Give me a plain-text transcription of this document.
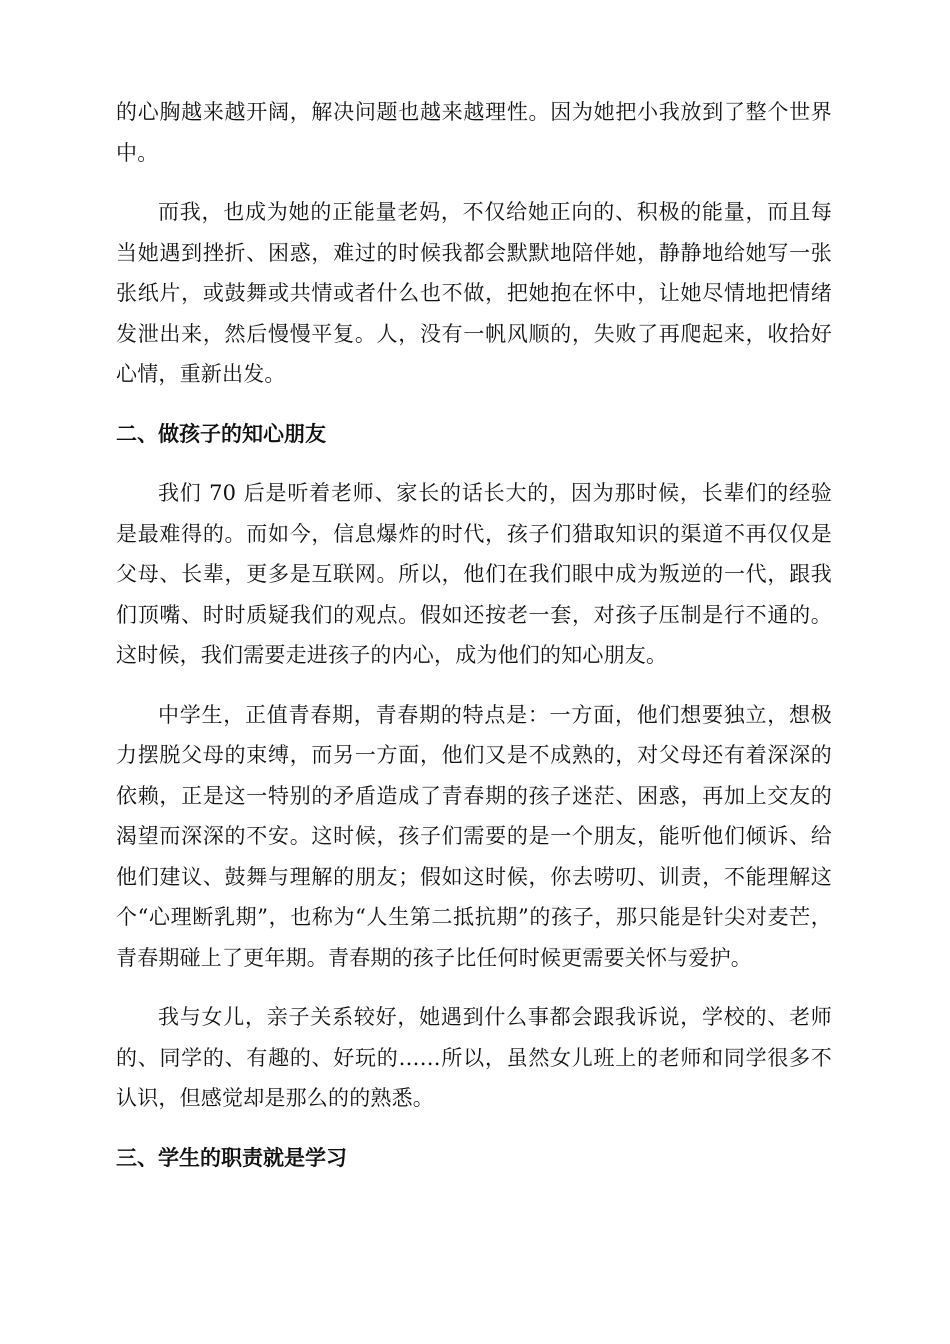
的心胸越来越开阔，解决问题也越来越理性。因为她把小我放到了整个世界中。

而我，也成为她的正能量老妈，不仅给她正向的、积极的能量，而且每当她遇到挫折、困惑，难过的时候我都会默默地陪伴她，静静地给她写一张张纸片，或鼓舞或共情或者什么也不做，把她抱在怀中，让她尽情地把情绪发泄出来，然后慢慢平复。人，没有一帆风顺的，失败了再爬起来，收拾好心情，重新出发。

二、做孩子的知心朋友

我们 70 后是听着老师、家长的话长大的，因为那时候，长辈们的经验是最难得的。而如今，信息爆炸的时代，孩子们猎取知识的渠道不再仅仅是父母、长辈，更多是互联网。所以，他们在我们眼中成为叛逆的一代，跟我们顶嘴、时时质疑我们的观点。假如还按老一套，对孩子压制是行不通的。这时候，我们需要走进孩子的内心，成为他们的知心朋友。

中学生，正值青春期，青春期的特点是：一方面，他们想要独立，想极力摆脱父母的束缚，而另一方面，他们又是不成熟的，对父母还有着深深的依赖，正是这一特别的矛盾造成了青春期的孩子迷茫、困惑，再加上交友的渴望而深深的不安。这时候，孩子们需要的是一个朋友，能听他们倾诉、给他们建议、鼓舞与理解的朋友；假如这时候，你去唠叨、训责，不能理解这个“心理断乳期”，也称为“人生第二抵抗期”的孩子，那只能是针尖对麦芒，青春期碰上了更年期。青春期的孩子比任何时候更需要关怀与爱护。

我与女儿，亲子关系较好，她遇到什么事都会跟我诉说，学校的、老师的、同学的、有趣的、好玩的……所以，虽然女儿班上的老师和同学很多不认识，但感觉却是那么的的熟悉。

三、学生的职责就是学习
